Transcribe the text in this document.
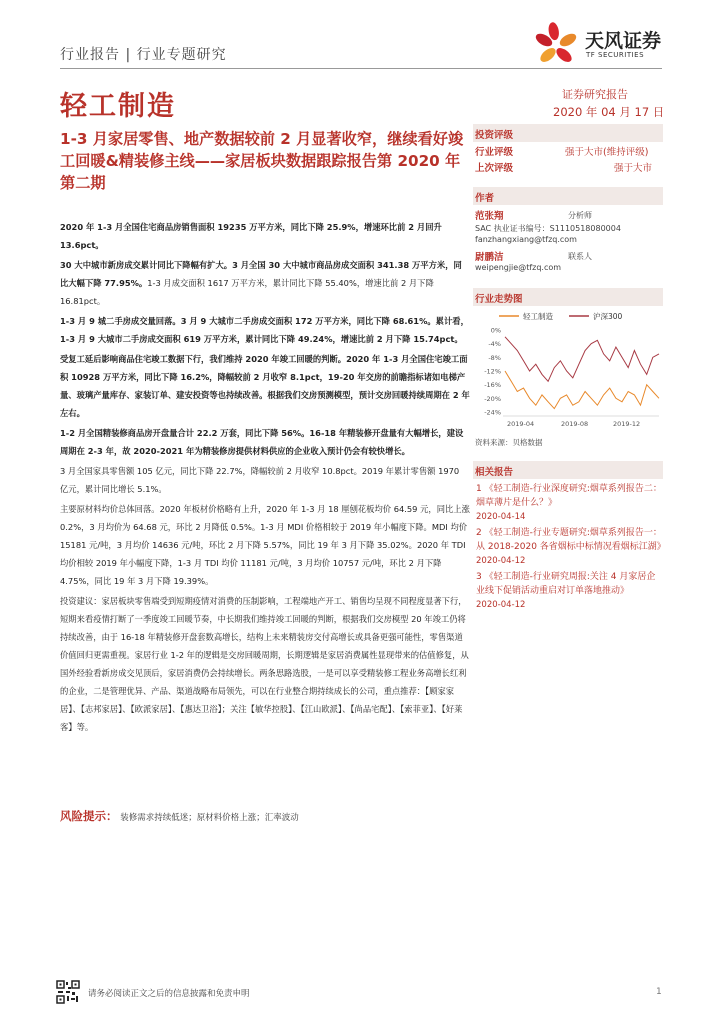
行业报告 | 行业专题研究
天风证券
TF SECURITIES
轻工制造	证券研究报告
2020 年 04 月 17 日
1-3 月家居零售、地产数据较前 2 月显著收窄，继续看好竣工回暖&精装修主线——家居板块数据跟踪报告第 2020 年第二期

2020 年 1-3 月全国住宅商品房销售面积 19235 万平方米，同比下降 25.9%，增速环比前 2 月回升 13.6pct。

30 大中城市新房成交累计同比下降幅有扩大。3 月全国 30 大中城市商品房成交面积 341.38 万平方米，同比大幅下降 77.95%。1-3 月成交面积 1617 万平方米，累计同比下降 55.40%，增速比前 2 月下降 16.81pct。

1-3 月 9 城二手房成交量回落。3 月 9 大城市二手房成交面积 172 万平方米，同比下降 68.61%。累计看，1-3 月 9 大城市二手房成交面积 619 万平方米，累计同比下降 49.24%，增速比前 2 月下降 15.74pct。

受复工延后影响商品住宅竣工数据下行，我们维持 2020 年竣工回暖的判断。2020 年 1-3 月全国住宅竣工面积 10928 万平方米，同比下降 16.2%，降幅较前 2 月收窄 8.1pct，19-20 年交房的前瞻指标诸如电梯产量、玻璃产量库存、家装订单、建安投资等也持续改善。根据我们交房预测模型，预计交房回暖持续周期在 2 年左右。

1-2 月全国精装修商品房开盘量合计 22.2 万套，同比下降 56%。16-18 年精装修开盘量有大幅增长，建设周期在 2-3 年，故 2020-2021 年为精装修房提供材料供应的企业收入预计仍会有较快增长。

3 月全国家具零售额 105 亿元，同比下降 22.7%，降幅较前 2 月收窄 10.8pct。2019 年累计零售额 1970 亿元，累计同比增长 5.1%。

主要原材料均价总体回落。2020 年板材价格略有上升，2020 年 1-3 月 18 厘刨花板均价 64.59 元，同比上涨 0.2%，3 月均价为 64.68 元，环比 2 月降低 0.5%。1-3 月 MDI 价格相较于 2019 年小幅度下降。MDI 均价 15181 元/吨，3 月均价 14636 元/吨，环比 2 月下降 5.57%，同比 19 年 3 月下降 35.02%。2020 年 TDI 均价相较 2019 年小幅度下降，1-3 月 TDI 均价 11181 元/吨，3 月均价 10757 元/吨，环比 2 月下降 4.75%，同比 19 年 3 月下降 19.39%。

投资建议：家居板块零售端受到短期疫情对消费的压制影响，工程端地产开工、销售均呈现不同程度显著下行，短期来看疫情打断了一季度竣工回暖节奏，中长期我们维持竣工回暖的判断，根据我们交房模型 20 年竣工仍将持续改善，由于 16-18 年精装修开盘套数高增长，结构上未来精装房交付高增长或具备更强可能性，零售渠道价值回归更需重视。家居行业 1-2 年的逻辑是交房回暖周期，长期逻辑是家居消费属性显现带来的估值修复，从国外经验看新房成交见顶后，家居消费仍会持续增长。两条思路选股，一是可以享受精装修工程业务高增长红利的企业，二是管理优异、产品、渠道战略布局领先，可以在行业整合期持续成长的公司，重点推荐：【顾家家居】、【志邦家居】、【欧派家居】、【惠达卫浴】；关注【敏华控股】、【江山欧派】、【尚品宅配】、【索菲亚】、【好莱客】等。

风险提示： 装修需求持续低迷；原材料价格上涨；汇率波动
投资评级
行业评级	强于大市(维持评级)
上次评级	强于大市
作者
范张翔	分析师
SAC 执业证书编号：S1110518080004
fanzhangxiang@tfzq.com
尉鹏洁	联系人
weipengjie@tfzq.com
行业走势图
轻工制造	沪深300
0%
-4%
-8%
-12%
-16%
-20%
-24%
2019-04	2019-08	2019-12
资料来源：贝格数据
相关报告
1 《轻工制造-行业深度研究:烟草系列报告二：烟草薄片是什么？》
2020-04-14
2 《轻工制造-行业专题研究:烟草系列报告一：从 2018-2020 各省烟标中标情况看烟标江湖》
2020-04-12
3 《轻工制造-行业研究周报:关注 4 月家居企业线下促销活动重启对订单落地推动》
2020-04-12
请务必阅读正文之后的信息披露和免责申明	1
